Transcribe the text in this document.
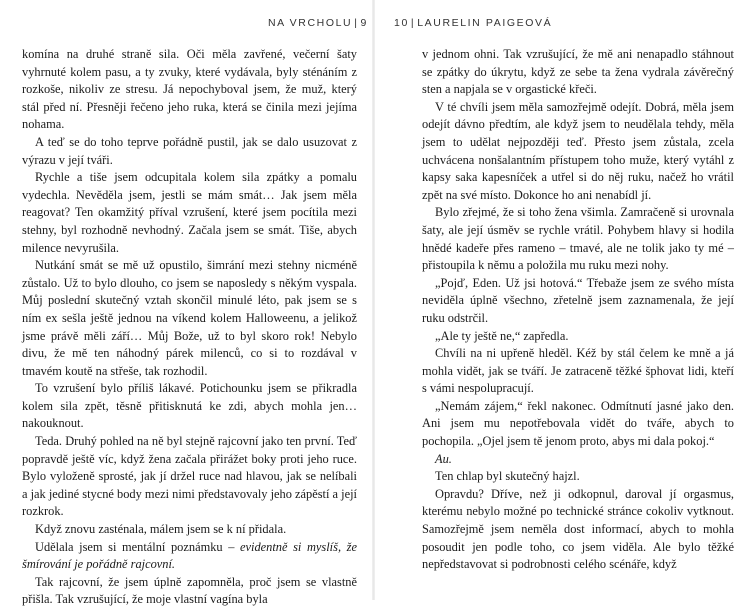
NA VRCHOLU | 9

komína na druhé straně sila. Oči měla zavřené, večerní šaty vyhrnuté kolem pasu, a ty zvuky, které vydávala, byly sténáním z rozkoše, nikoliv ze stresu. Já nepochyboval jsem, že muž, který stál před ní. Přesněji řečeno jeho ruka, která se činila mezi jejíma nohama.

A teď se do toho teprve pořádně pustil, jak se dalo usuzovat z výrazu v její tváři.

Rychle a tiše jsem odcupitala kolem sila zpátky a pomalu vydechla. Nevěděla jsem, jestli se mám smát… Jak jsem měla reagovat? Ten okamžitý příval vzrušení, které jsem pocítila mezi stehny, byl rozhodně nevhodný. Začala jsem se smát. Tiše, abych milence nevyrušila.

Nutkání smát se mě už opustilo, šimrání mezi stehny nicméně zůstalo. Už to bylo dlouho, co jsem se naposledy s někým vyspala. Můj poslední skutečný vztah skončil minulé léto, pak jsem se s ním ex sešla ještě jednou na víkend kolem Halloweenu, a jelikož jsme právě měli září… Můj Bože, už to byl skoro rok! Nebylo divu, že mě ten náhodný párek milenců, co si to rozdával v tmavém koutě na střeše, tak rozhodil.

To vzrušení bylo příliš lákavé. Potichounku jsem se přikradla kolem sila zpět, těsně přitisknutá ke zdi, abych mohla jen… nakouknout.

Teda. Druhý pohled na ně byl stejně rajcovní jako ten první. Teď popravdě ještě víc, když žena začala přirážet boky proti jeho ruce. Bylo vyloženě sprosté, jak jí držel ruce nad hlavou, jak se nelíbali a jak jediné stycné body mezi nimi představovaly jeho zápěstí a její rozkrok.

Když znovu zasténala, málem jsem se k ní přidala.

Udělala jsem si mentální poznámku – evidentně si myslíš, že šmírování je pořádně rajcovní.

Tak rajcovní, že jsem úplně zapomněla, proč jsem se vlastně přišla. Tak vzrušující, že moje vlastní vagína byla

10 | LAURELIN PAIGEOVÁ

v jednom ohni. Tak vzrušující, že mě ani nenapadlo stáhnout se zpátky do úkrytu, když ze sebe ta žena vydrala závěrečný sten a napjala se v orgastické křeči.

V té chvíli jsem měla samozřejmě odejít. Dobrá, měla jsem odejít dávno předtím, ale když jsem to neudělala tehdy, měla jsem to udělat nejpozději teď. Přesto jsem zůstala, zcela uchvácena nonšalantním přístupem toho muže, který vytáhl z kapsy saka kapesníček a utřel si do něj ruku, načež ho vrátil zpět na své místo. Dokonce ho ani nenabídl jí.

Bylo zřejmé, že si toho žena všimla. Zamračeně si urovnala šaty, ale její úsměv se rychle vrátil. Pohybem hlavy si hodila hnědé kadeře přes rameno – tmavé, ale ne tolik jako ty mé – přistoupila k němu a položila mu ruku mezi nohy.

„Pojď, Eden. Už jsi hotová.“ Třebaže jsem ze svého místa neviděla úplně všechno, zřetelně jsem zaznamenala, že její ruku odstrčil.

„Ale ty ještě ne,“ zapředla.

Chvíli na ni upřeně hleděl. Kéž by stál čelem ke mně a já mohla vidět, jak se tváří. Je zatraceně těžké šphovat lidi, kteří s vámi nespolupracují.

„Nemám zájem,“ řekl nakonec. Odmítnutí jasné jako den. Ani jsem mu nepotřebovala vidět do tváře, abych to pochopila. „Ojel jsem tě jenom proto, abys mi dala pokoj.“

Au.

Ten chlap byl skutečný hajzl.

Opravdu? Dříve, než ji odkopnul, daroval jí orgasmus, kterému nebylo možné po technické stránce cokoliv vytknout. Samozřejmě jsem neměla dost informací, abych to mohla posoudit jen podle toho, co jsem viděla. Ale bylo těžké nepředstavovat si podrobnosti celého scénáře, když
